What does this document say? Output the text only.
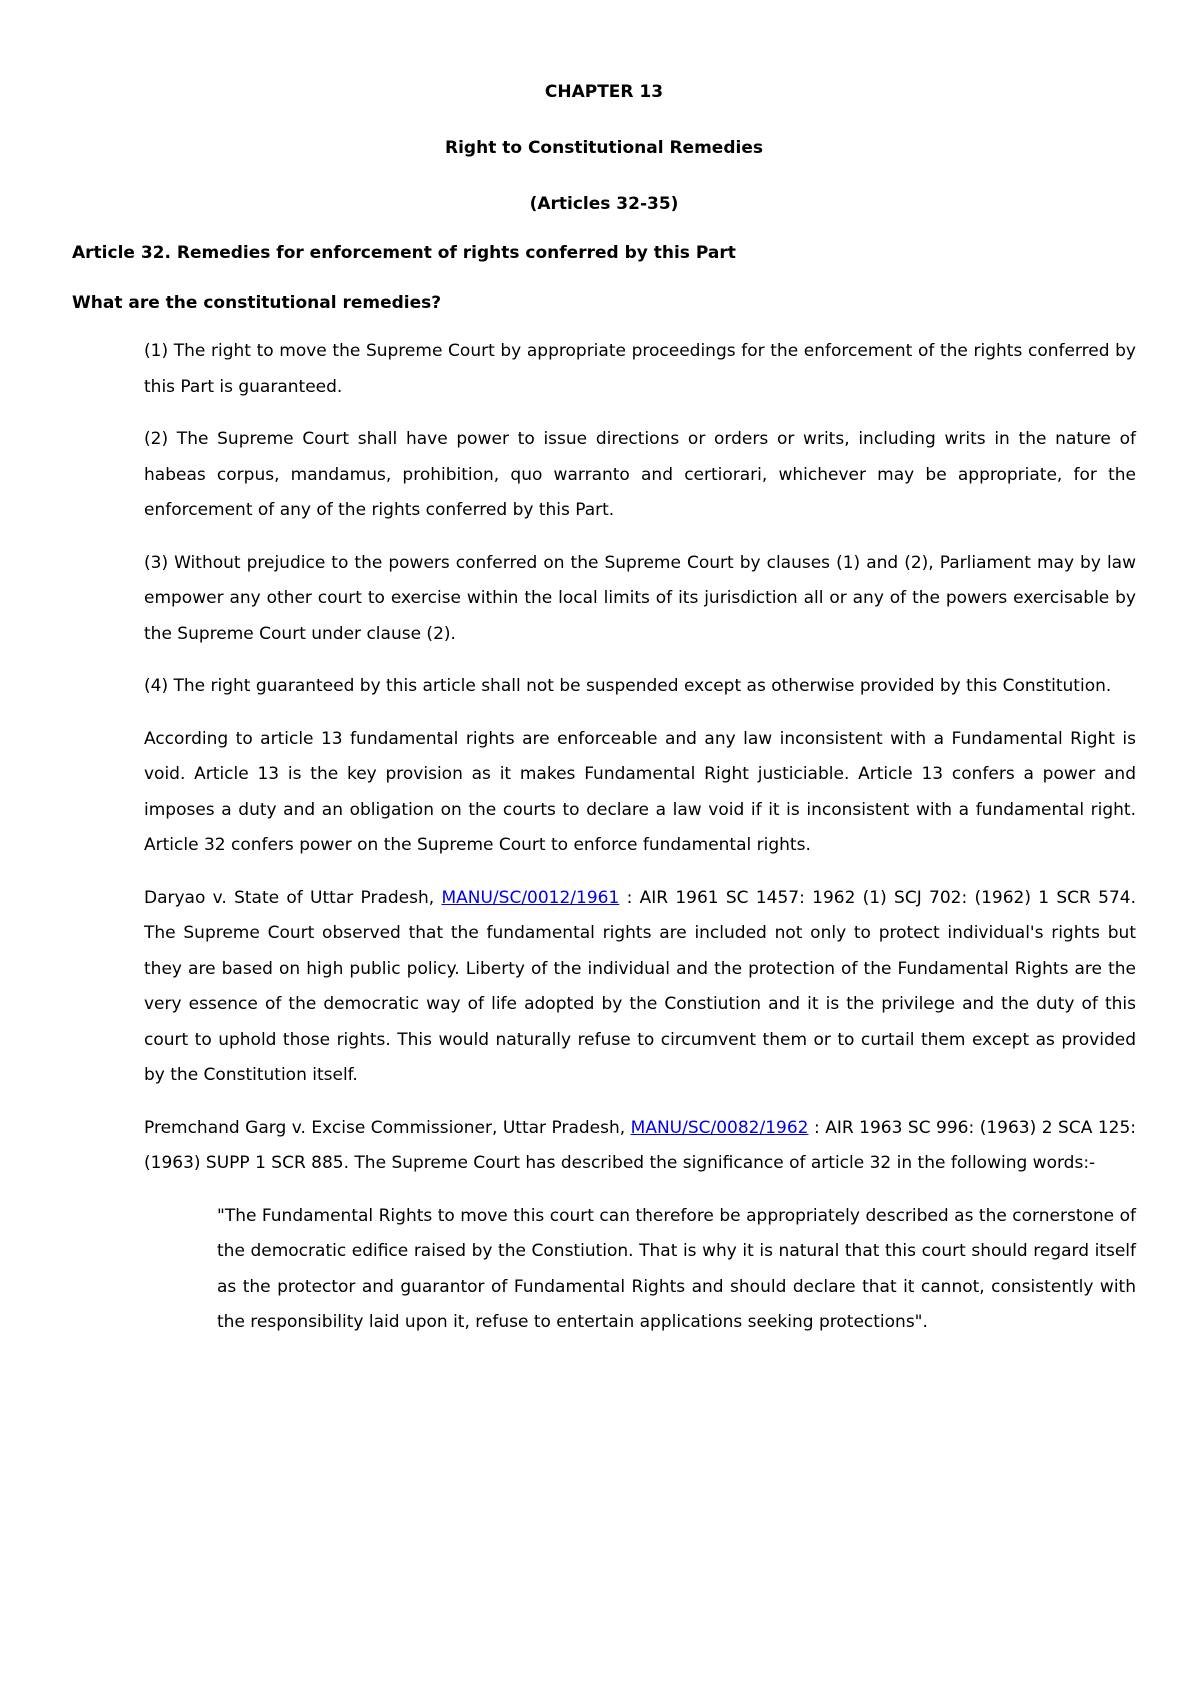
CHAPTER 13

Right to Constitutional Remedies

(Articles 32-35)

Article 32. Remedies for enforcement of rights conferred by this Part

What are the constitutional remedies?

(1) The right to move the Supreme Court by appropriate proceedings for the enforcement of the rights conferred by this Part is guaranteed.

(2) The Supreme Court shall have power to issue directions or orders or writs, including writs in the nature of habeas corpus, mandamus, prohibition, quo warranto and certiorari, whichever may be appropriate, for the enforcement of any of the rights conferred by this Part.

(3) Without prejudice to the powers conferred on the Supreme Court by clauses (1) and (2), Parliament may by law empower any other court to exercise within the local limits of its jurisdiction all or any of the powers exercisable by the Supreme Court under clause (2).

(4) The right guaranteed by this article shall not be suspended except as otherwise provided by this Constitution.

According to article 13 fundamental rights are enforceable and any law inconsistent with a Fundamental Right is void. Article 13 is the key provision as it makes Fundamental Right justiciable. Article 13 confers a power and imposes a duty and an obligation on the courts to declare a law void if it is inconsistent with a fundamental right. Article 32 confers power on the Supreme Court to enforce fundamental rights.

Daryao v. State of Uttar Pradesh, MANU/SC/0012/1961 : AIR 1961 SC 1457: 1962 (1) SCJ 702: (1962) 1 SCR 574. The Supreme Court observed that the fundamental rights are included not only to protect individual's rights but they are based on high public policy. Liberty of the individual and the protection of the Fundamental Rights are the very essence of the democratic way of life adopted by the Constiution and it is the privilege and the duty of this court to uphold those rights. This would naturally refuse to circumvent them or to curtail them except as provided by the Constitution itself.

Premchand Garg v. Excise Commissioner, Uttar Pradesh, MANU/SC/0082/1962 : AIR 1963 SC 996: (1963) 2 SCA 125: (1963) SUPP 1 SCR 885. The Supreme Court has described the significance of article 32 in the following words:-

"The Fundamental Rights to move this court can therefore be appropriately described as the cornerstone of the democratic edifice raised by the Constiution. That is why it is natural that this court should regard itself as the protector and guarantor of Fundamental Rights and should declare that it cannot, consistently with the responsibility laid upon it, refuse to entertain applications seeking protections".
